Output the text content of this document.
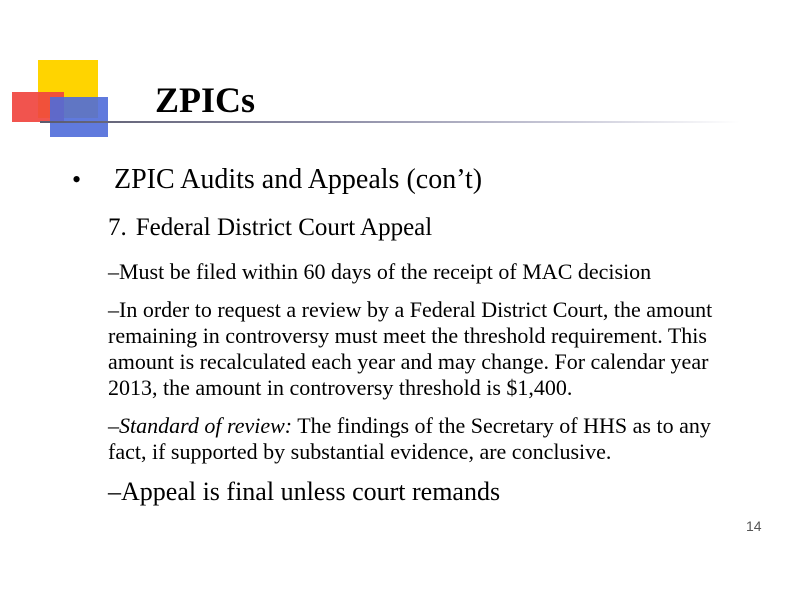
ZPICs
• ZPIC Audits and Appeals (con’t)
7. Federal District Court Appeal
–Must be filed within 60 days of the receipt of MAC decision
–In order to request a review by a Federal District Court, the amount remaining in controversy must meet the threshold requirement. This amount is recalculated each year and may change. For calendar year 2013, the amount in controversy threshold is $1,400.
–Standard of review: The findings of the Secretary of HHS as to any fact, if supported by substantial evidence, are conclusive.
–Appeal is final unless court remands
14
